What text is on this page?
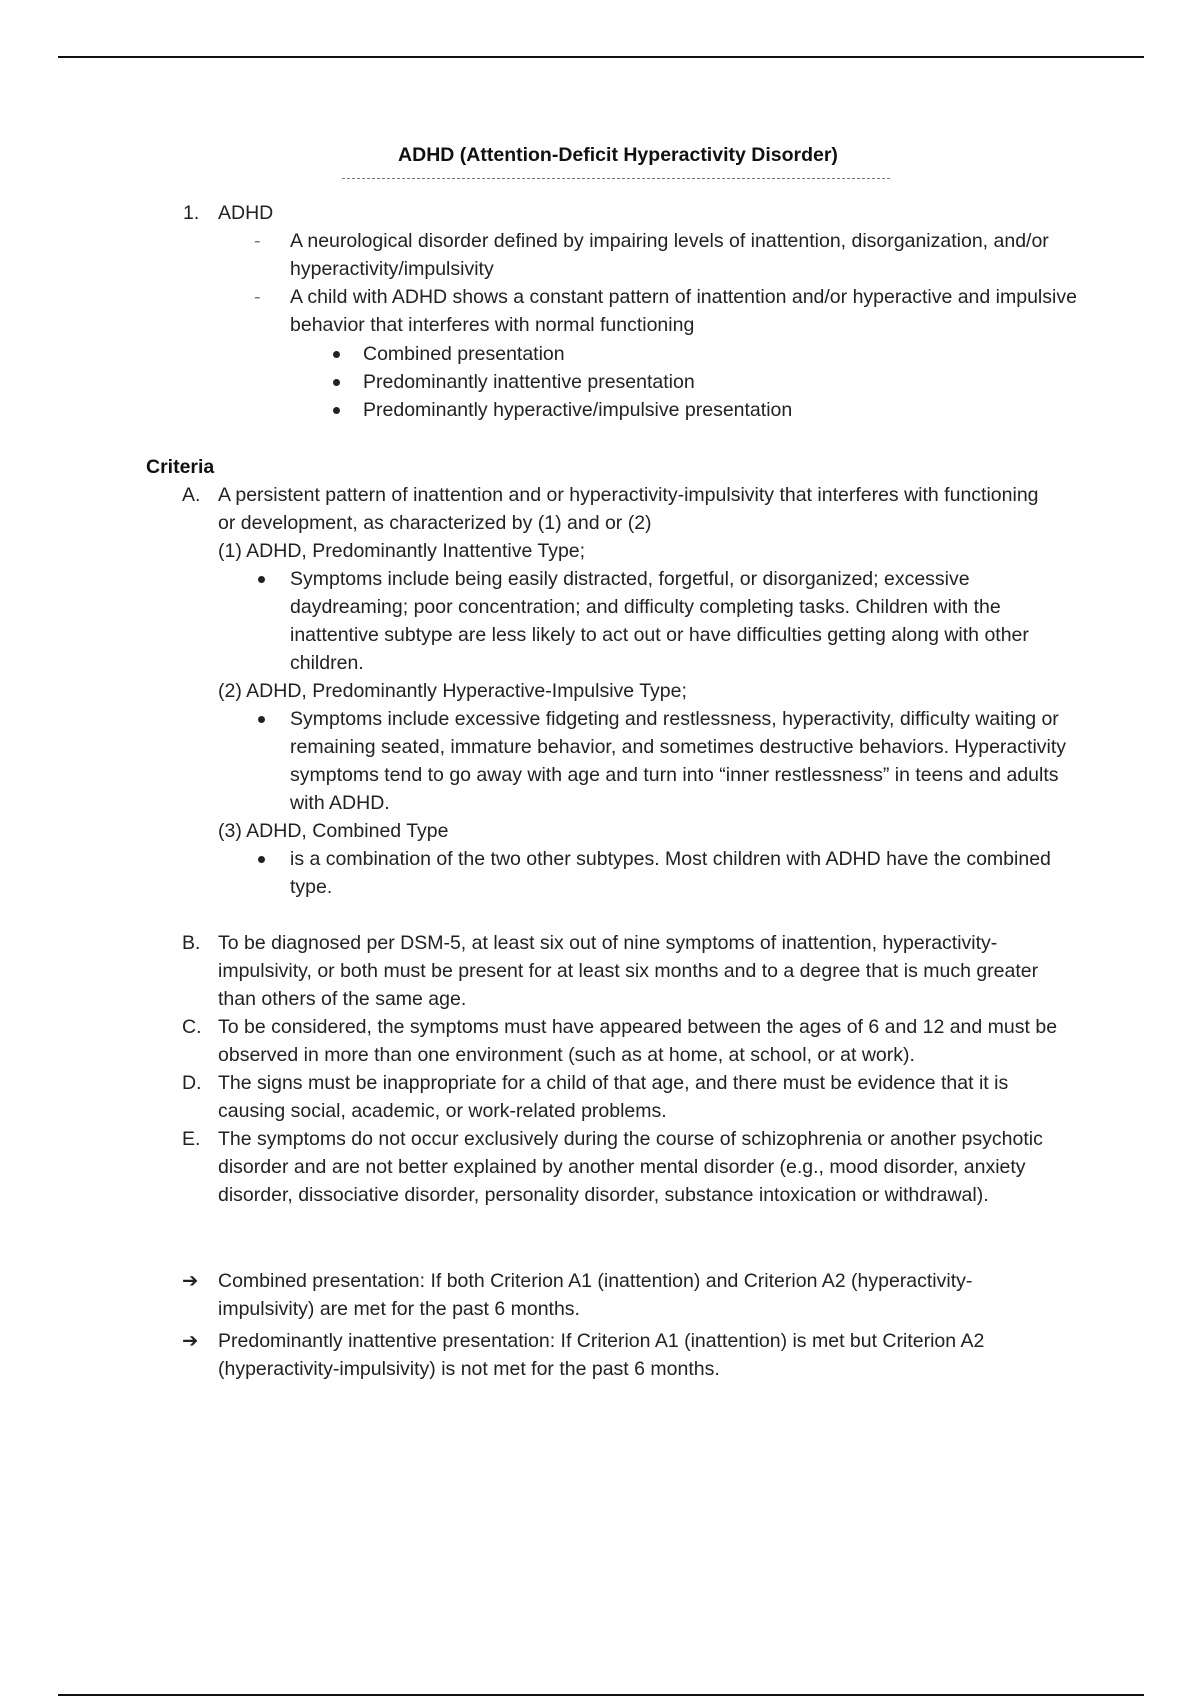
ADHD (Attention-Deficit Hyperactivity Disorder)
1. ADHD
- A neurological disorder defined by impairing levels of inattention, disorganization, and/or hyperactivity/impulsivity
- A child with ADHD shows a constant pattern of inattention and/or hyperactive and impulsive behavior that interferes with normal functioning
Combined presentation
Predominantly inattentive presentation
Predominantly hyperactive/impulsive presentation
Criteria
A. A persistent pattern of inattention and or hyperactivity-impulsivity that interferes with functioning or development, as characterized by (1) and or (2)
(1) ADHD, Predominantly Inattentive Type;
Symptoms include being easily distracted, forgetful, or disorganized; excessive daydreaming; poor concentration; and difficulty completing tasks. Children with the inattentive subtype are less likely to act out or have difficulties getting along with other children.
(2) ADHD, Predominantly Hyperactive-Impulsive Type;
Symptoms include excessive fidgeting and restlessness, hyperactivity, difficulty waiting or remaining seated, immature behavior, and sometimes destructive behaviors. Hyperactivity symptoms tend to go away with age and turn into “inner restlessness” in teens and adults with ADHD.
(3) ADHD, Combined Type
is a combination of the two other subtypes. Most children with ADHD have the combined type.
B. To be diagnosed per DSM-5, at least six out of nine symptoms of inattention, hyperactivity-impulsivity, or both must be present for at least six months and to a degree that is much greater than others of the same age.
C. To be considered, the symptoms must have appeared between the ages of 6 and 12 and must be observed in more than one environment (such as at home, at school, or at work).
D. The signs must be inappropriate for a child of that age, and there must be evidence that it is causing social, academic, or work-related problems.
E. The symptoms do not occur exclusively during the course of schizophrenia or another psychotic disorder and are not better explained by another mental disorder (e.g., mood disorder, anxiety disorder, dissociative disorder, personality disorder, substance intoxication or withdrawal).
➔ Combined presentation: If both Criterion A1 (inattention) and Criterion A2 (hyperactivity-impulsivity) are met for the past 6 months.
➔ Predominantly inattentive presentation: If Criterion A1 (inattention) is met but Criterion A2 (hyperactivity-impulsivity) is not met for the past 6 months.
